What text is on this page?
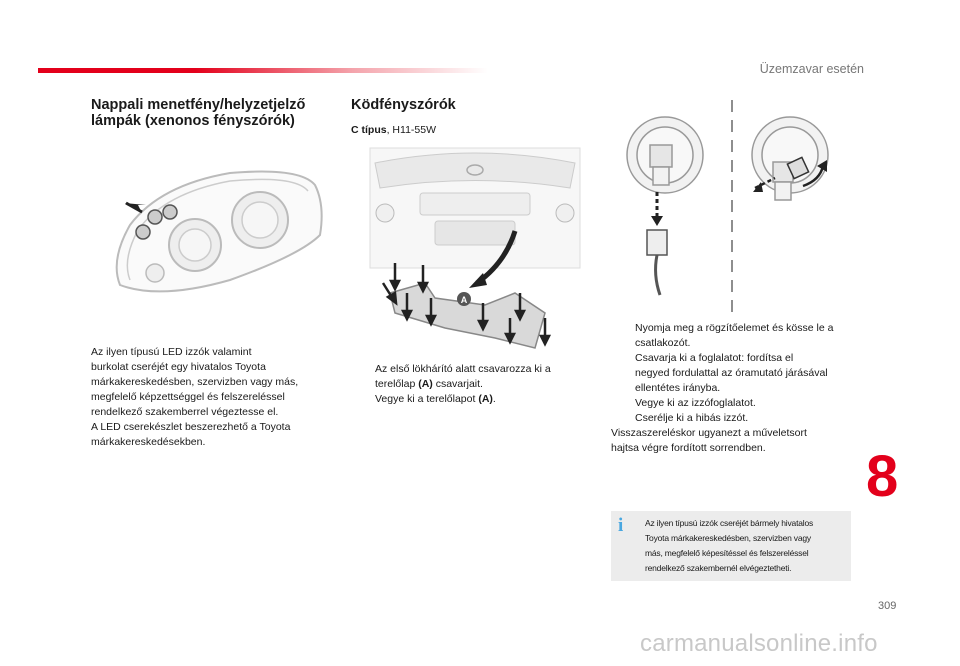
Üzemzavar esetén
Nappali menetfény/helyzetjelző
lámpák (xenonos fényszórók)
Az ilyen típusú LED izzók valamint
burkolat cseréjét egy hivatalos Toyota
márkakereskedésben, szervizben vagy más,
megfelelő képzettséggel és felszereléssel
rendelkező szakemberrel végeztesse el.
A LED cserekészlet beszerezhető a Toyota
márkakereskedésekben.
Ködfényszórók
C típus, H11-55W
A
Az első lökhárító alatt csavarozza ki a
terelőlap (A) csavarjait.
Vegye ki a terelőlapot (A).
Nyomja meg a rögzítőelemet és kösse le a
csatlakozót.
Csavarja ki a foglalatot: fordítsa el
negyed fordulattal az óramutató járásával
ellentétes irányba.
Vegye ki az izzófoglalatot.
Cserélje ki a hibás izzót.
Visszaszereléskor ugyanezt a műveletsort
hajtsa végre fordított sorrendben.
i	Az ilyen típusú izzók cseréjét bármely hivatalos
Toyota márkakereskedésben, szervizben vagy
más, megfelelő képesítéssel és felszereléssel
rendelkező szakembernél elvégeztetheti.
8
309
carmanualsonline.info
